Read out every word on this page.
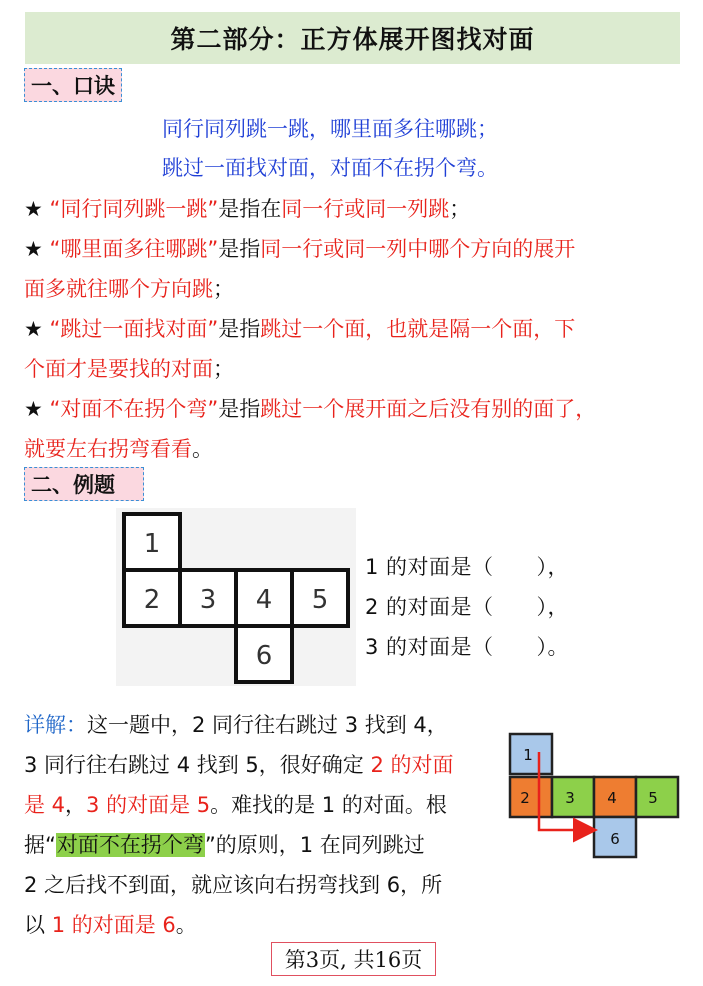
第二部分：正方体展开图找对面
一、口诀
同行同列跳一跳，哪里面多往哪跳；
跳过一面找对面，对面不在拐个弯。
★ “同行同列跳一跳”是指在同一行或同一列跳；
★ “哪里面多往哪跳”是指同一行或同一列中哪个方向的展开
面多就往哪个方向跳；
★ “跳过一面找对面”是指跳过一个面，也就是隔一个面，下
个面才是要找的对面；
★ “对面不在拐个弯”是指跳过一个展开面之后没有别的面了，
就要左右拐弯看看。
二、例题
1
2 3 4 5
6
1 的对面是（　　），
2 的对面是（　　），
3 的对面是（　　）。
详解：这一题中，2 同行往右跳过 3 找到 4，
3 同行往右跳过 4 找到 5，很好确定 2 的对面
是 4，3 的对面是 5。难找的是 1 的对面。根
据“对面不在拐个弯”的原则，1 在同列跳过
2 之后找不到面，就应该向右拐弯找到 6，所
以 1 的对面是 6。
1
2 3 4 5
6
第3页, 共16页
